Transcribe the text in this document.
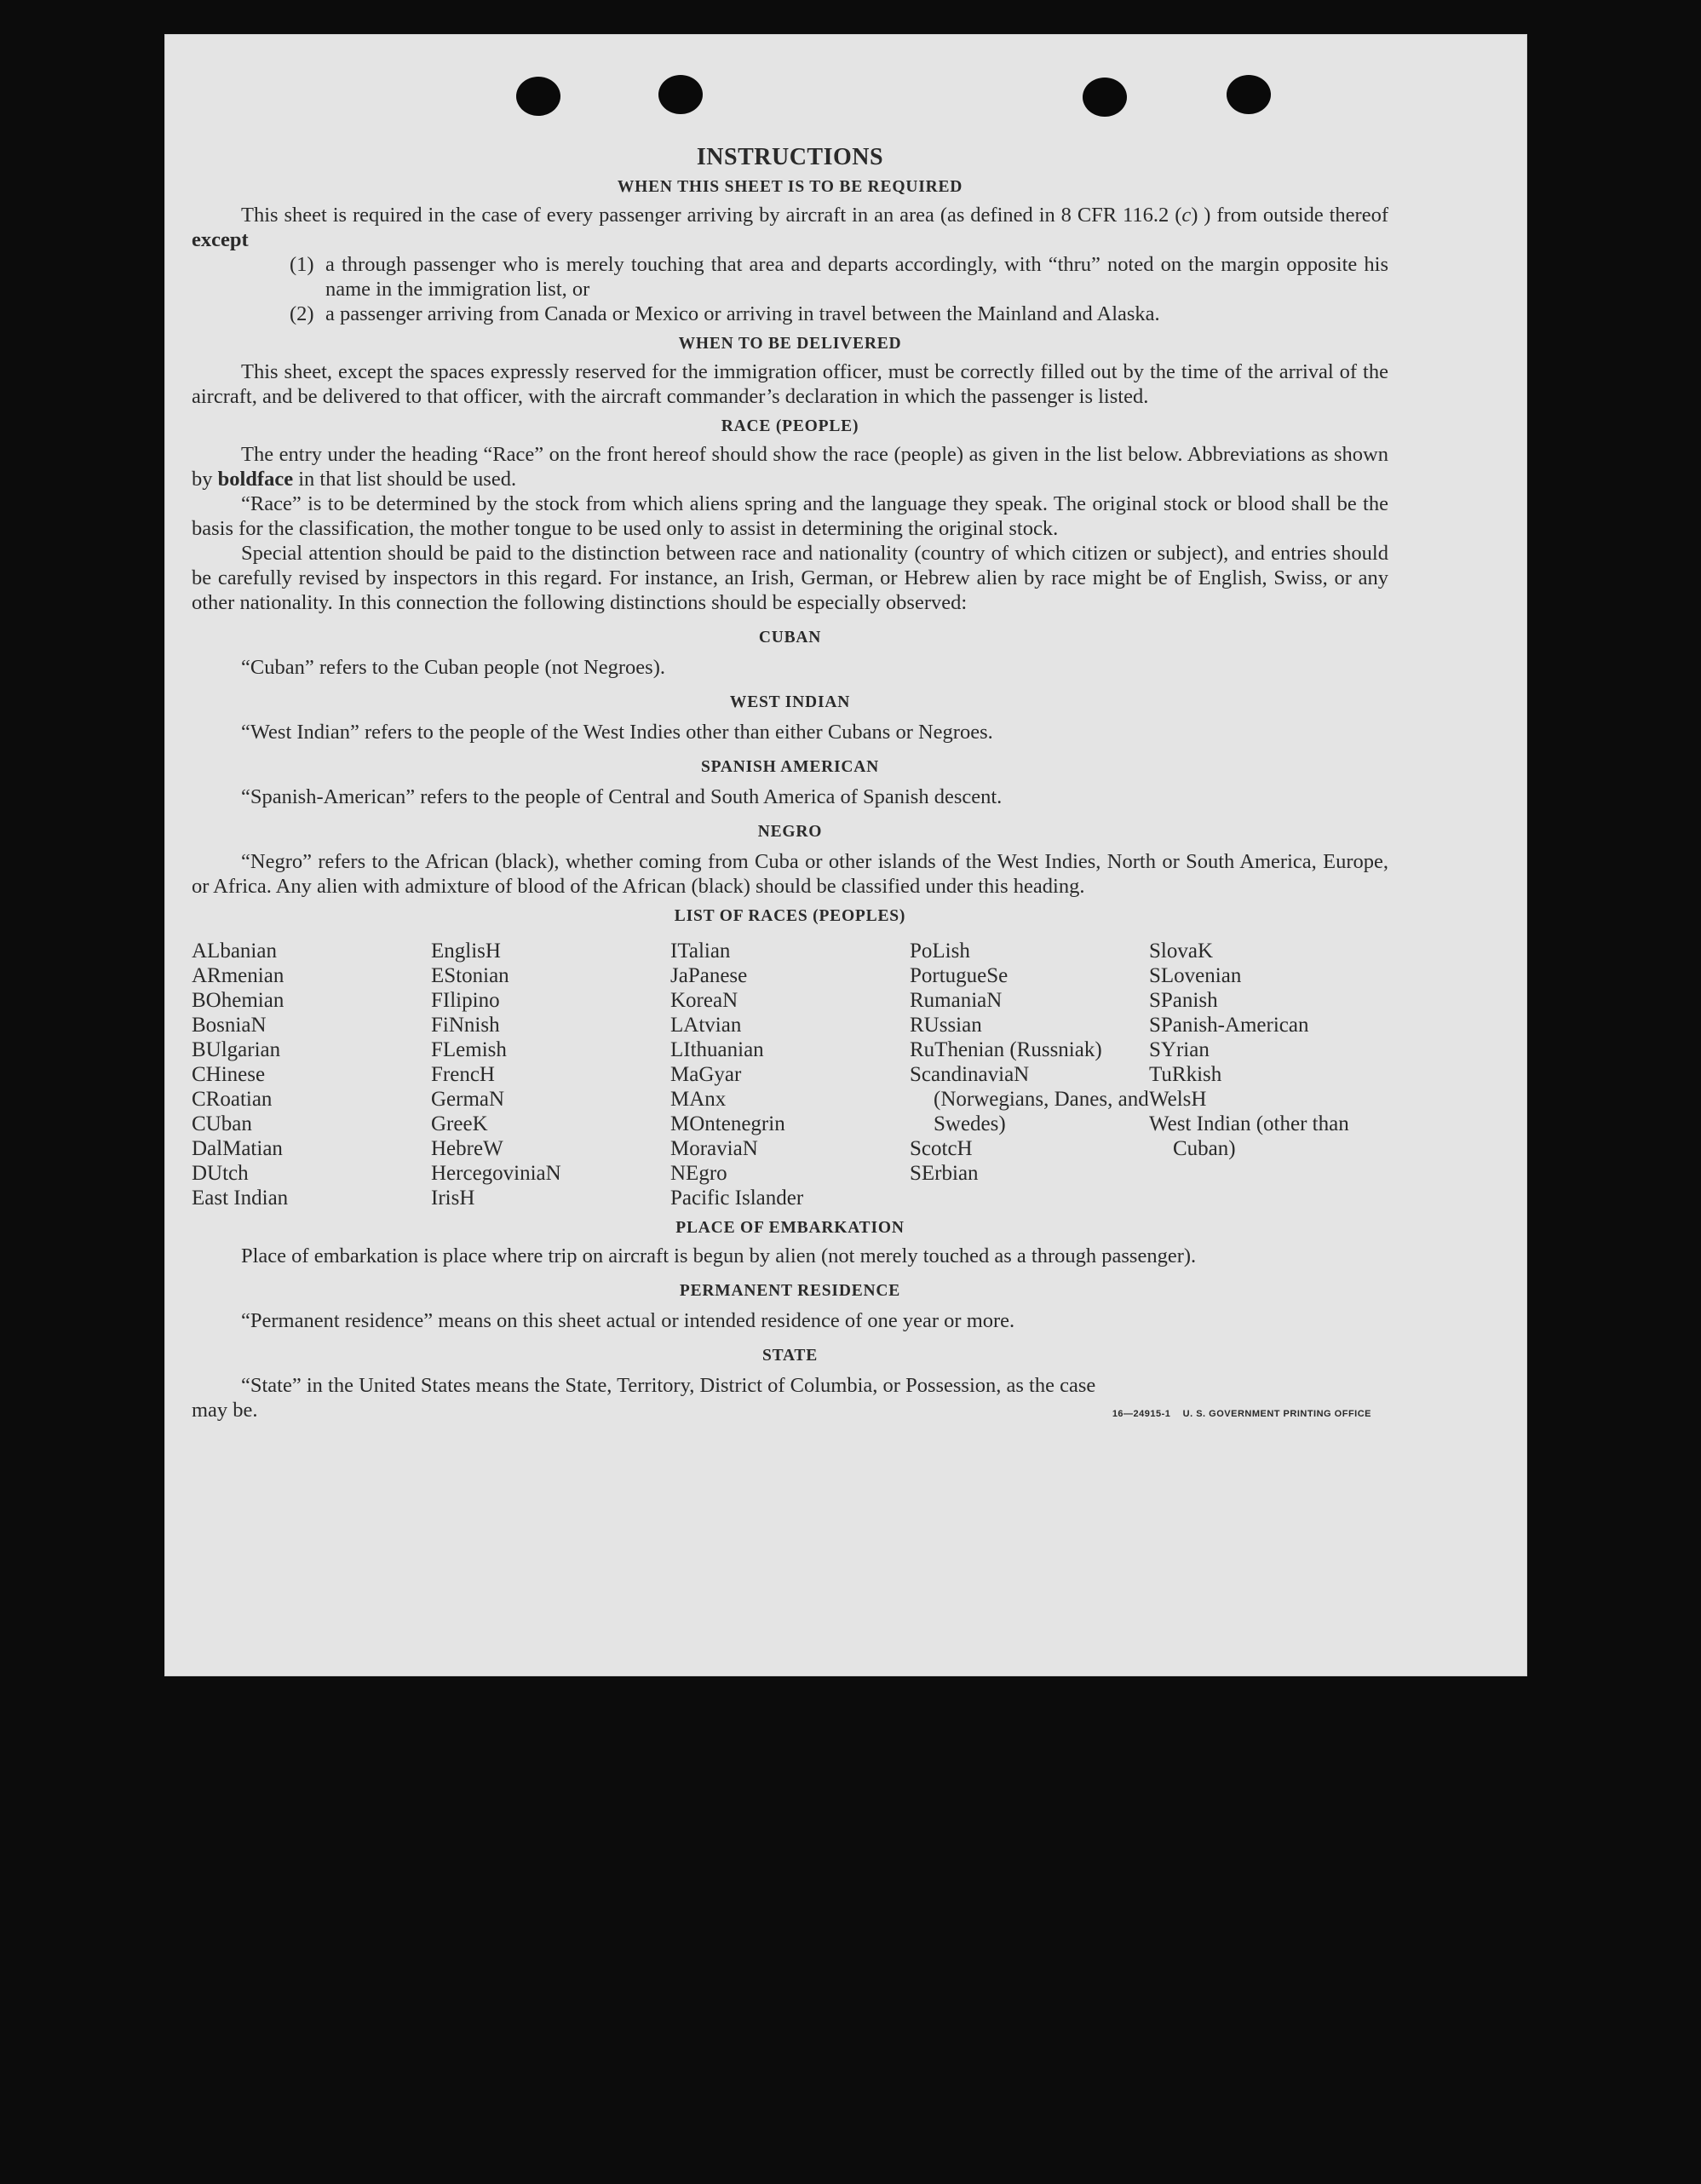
INSTRUCTIONS
WHEN THIS SHEET IS TO BE REQUIRED

This sheet is required in the case of every passenger arriving by aircraft in an area (as defined in 8 CFR 116.2 (c) ) from outside thereof except

(1) a through passenger who is merely touching that area and departs accordingly, with “thru” noted on the margin opposite his name in the immigration list, or
(2) a passenger arriving from Canada or Mexico or arriving in travel between the Mainland and Alaska.
WHEN TO BE DELIVERED

This sheet, except the spaces expressly reserved for the immigration officer, must be correctly filled out by the time of the arrival of the aircraft, and be delivered to that officer, with the aircraft commander’s declaration in which the passenger is listed.

RACE (PEOPLE)

The entry under the heading “Race” on the front hereof should show the race (people) as given in the list below. Abbreviations as shown by boldface in that list should be used.

“Race” is to be determined by the stock from which aliens spring and the language they speak. The original stock or blood shall be the basis for the classification, the mother tongue to be used only to assist in determining the original stock.

Special attention should be paid to the distinction between race and nationality (country of which citizen or subject), and entries should be carefully revised by inspectors in this regard. For instance, an Irish, German, or Hebrew alien by race might be of English, Swiss, or any other nationality. In this connection the following distinctions should be especially observed:

CUBAN

“Cuban” refers to the Cuban people (not Negroes).

WEST INDIAN

“West Indian” refers to the people of the West Indies other than either Cubans or Negroes.

SPANISH AMERICAN

“Spanish-American” refers to the people of Central and South America of Spanish descent.

NEGRO

“Negro” refers to the African (black), whether coming from Cuba or other islands of the West Indies, North or South America, Europe, or Africa. Any alien with admixture of blood of the African (black) should be classified under this heading.

LIST OF RACES (PEOPLES)
ALbanian
ARmenian
BOhemian
BosniaN
BUlgarian
CHinese
CRoatian
CUban
DalMatian
DUtch
East Indian
EnglisH
EStonian
FIlipino
FiNnish
FLemish
FrencH
GermaN
GreeK
HebreW
HercegoviniaN
IrisH
ITalian
JaPanese
KoreaN
LAtvian
LIthuanian
MaGyar
MAnx
MOntenegrin
MoraviaN
NEgro
Pacific Islander
PoLish
PortugueSe
RumaniaN
RUssian
RuThenian (Russniak)
ScandinaviaN (Norwegians, Danes, and Swedes)
ScotcH
SErbian
SlovaK
SLovenian
SPanish
SPanish-American
SYrian
TuRkish
WelsH
West Indian (other than Cuban)
PLACE OF EMBARKATION

Place of embarkation is place where trip on aircraft is begun by alien (not merely touched as a through passenger).

PERMANENT RESIDENCE

“Permanent residence” means on this sheet actual or intended residence of one year or more.

STATE

“State” in the United States means the State, Territory, District of Columbia, or Possession, as the case

may be.	16—24915-1 U. S. GOVERNMENT PRINTING OFFICE
